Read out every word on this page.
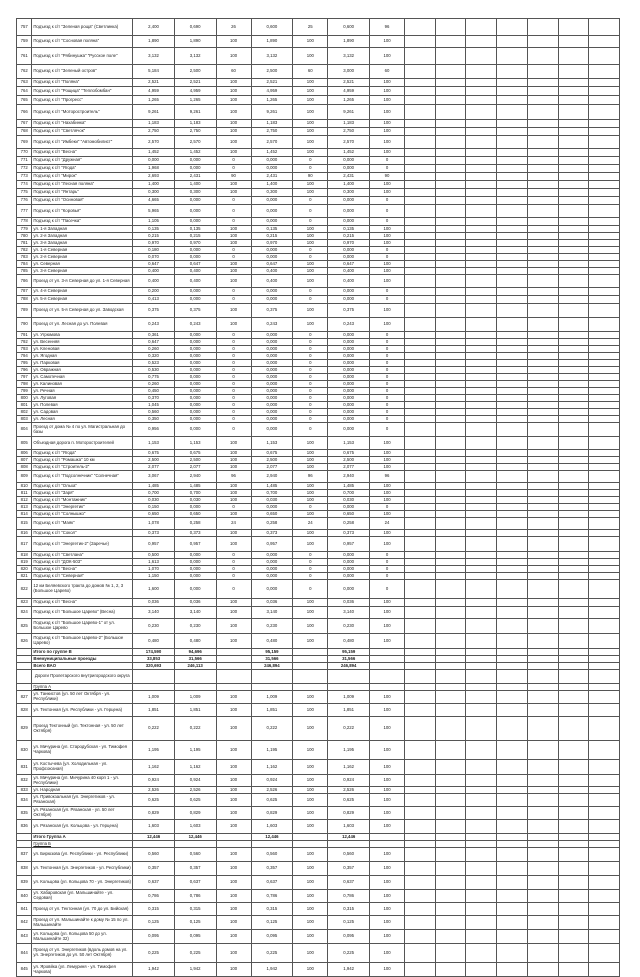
757	Подъезд к с/т "Зеленая роща" (Светлинка)	2,400	0,690	26	0,600	25	0,600	96							
759	Подъезд к с/т "Сосновая поляна"	1,890	1,890	100	1,890	100	1,890	100							
761	Подъезд к с/т "Рябинушка" "Русское поле"	3,132	3,132	100	3,132	100	3,132	100							
762	Подъезд к с/т "Зеленый остров"	5,184	2,500	60	2,500	60	3,000	60							
763	Подъезд к с/т "Поляна"	2,521	2,521	100	2,521	100	2,521	100							
764	Подъезд к с/т "Рощица" "Теплобомбан"	4,959	4,959	100	4,959	100	4,959	100							
765	Подъезд к с/т "Прогресс"	1,265	1,265	100	1,265	100	1,265	100							
766	Подъезд к с/т "Моторостроитель"	9,261	9,261	100	9,261	100	9,261	100							
767	Подъезд к с/т "Нахабинка"	1,183	1,183	100	1,183	100	1,183	100							
768	Подъезд к с/т "Светлячок"	2,750	2,750	100	2,750	100	2,750	100							
769	Подъезд к с/т "Имбеки" "Автомобилист"	2,570	2,570	100	2,570	100	2,570	100							
770	Подъезд к с/т "Весна"	1,452	1,452	100	1,452	100	1,452	100							
771	Подъезд к с/т "Дружная"	0,000	0,000	0	0,000	0	0,000	0							
772	Подъезд к с/т "Ягода"	1,968	0,000	0	0,000	0	0,000	0							
773	Подъезд к с/т "Мирок"	2,693	2,431	90	2,431	90	2,431	90							
774	Подъезд к с/т "Лесная поляна"	1,400	1,400	100	1,400	100	1,400	100							
775	Подъезд к с/т "Янтарь"	0,300	0,300	100	0,300	100	0,300	100							
776	Подъезд к с/т "Осиновая"	4,665	0,000	0	0,000	0	0,000	0							
777	Подъезд к с/т "Коровья"	5,965	0,000	0	0,000	0	0,000	0							
778	Подъезд к с/т "Пасечка"	1,105	0,000	0	0,000	0	0,000	0							
779	ул. 1-я Западная	0,135	0,135	100	0,135	100	0,135	100							
780	ул. 2-я Западная	0,215	0,215	100	0,215	100	0,215	100							
781	ул. 3-я Западная	0,970	0,970	100	0,970	100	0,970	100							
782	ул. 1-я Северная	0,180	0,000	0	0,000	0	0,000	0							
783	ул. 2-я Северная	0,070	0,000	0	0,000	0	0,000	0							
784	ул. Северная	0,647	0,647	100	0,647	100	0,647	100							
785	ул. 3-я Северная	0,400	0,400	100	0,400	100	0,400	100							
786	Проезд от ул. 3-я Северная до ул. 1-я Северная	0,400	0,400	100	0,400	100	0,400	100							
787	ул. 4-я Северная	0,200	0,000	0	0,000	0	0,000	0							
788	ул. 5-я Северная	0,413	0,000	0	0,000	0	0,000	0							
789	Проезд от ул. 5-я Северная до ул. Заводская	0,375	0,375	100	0,375	100	0,375	100							
790	Проезд от ул. Лесная до ул. Полевая	0,243	0,243	100	0,243	100	0,243	100							
791	ул. Угрюмова	0,361	0,000	0	0,000	0	0,000	0							
792	ул. Весенняя	0,647	0,000	0	0,000	0	0,000	0							
793	ул. Кленовая	0,260	0,000	0	0,000	0	0,000	0							
794	ул. Ягодная	0,320	0,000	0	0,000	0	0,000	0							
795	ул. Парковая	0,523	0,000	0	0,000	0	0,000	0							
796	ул. Овражная	0,530	0,000	0	0,000	0	0,000	0							
797	ул. Самотечная	0,775	0,000	0	0,000	0	0,000	0							
798	ул. Калиновая	0,260	0,000	0	0,000	0	0,000	0							
799	ул. Речная	0,450	0,000	0	0,000	0	0,000	0							
800	ул. Луговая	0,370	0,000	0	0,000	0	0,000	0							
801	ул. Полевая	1,045	0,000	0	0,000	0	0,000	0							
802	ул. Садовая	0,560	0,000	0	0,000	0	0,000	0							
803	ул. Лесная	0,350	0,000	0	0,000	0	0,000	0							
804	Проезд от дома № 4 по ул. Магистральная до базы	0,956	0,000	0	0,000	0	0,000	0							
805	Объездная дорога п. Моторостроителей	1,153	1,153	100	1,153	100	1,153	100							
806	Подъезд к с/т "Ягода"	0,675	0,675	100	0,675	100	0,675	100							
807	Подъезд к с/т "Ромашка" 10 км	2,500	2,500	100	2,500	100	2,500	100							
808	Подъезд к с/т "Строитель-2"	2,077	2,077	100	2,077	100	2,077	100							
809	Подъезд к с/т "Подсолнечник" "Солнечная"	3,067	2,940	96	2,940	96	2,940	96							
810	Подъезд к с/т "Ольха"	1,485	1,485	100	1,485	100	1,485	100							
811	Подъезд к с/т "Заря"	0,700	0,700	100	0,700	100	0,700	100							
812	Подъезд к с/т "Монтажник"	0,030	0,030	100	0,030	100	0,030	100							
813	Подъезд к с/т "Энергетик"	0,150	0,000	0	0,000	0	0,000	0							
814	Подъезд к с/т "Солнышко"	0,650	0,650	100	0,650	100	0,650	100							
815	Подъезд к с/т "Маяк"	1,078	0,258	24	0,258	24	0,258	24							
816	Подъезд к с/т "Сокол"	0,373	0,373	100	0,373	100	0,373	100							
817	Подъезд к с/т "Энергетик-2" (Заречье)	0,957	0,957	100	0,957	100	0,957	100							
818	Подъезд к с/т "Светлана"	0,500	0,000	0	0,000	0	0,000	0							
819	Подъезд к с/т "ДОК-503"	1,613	0,000	0	0,000	0	0,000	0							
820	Подъезд к с/т "Весна"	1,070	0,000	0	0,000	0	0,000	0							
821	Подъезд к с/т "Северная"	1,150	0,000	0	0,000	0	0,000	0							
822	12 км Беляевского тракта до домов № 1, 2, 3 (Большое Царево)	1,600	0,000	0	0,000	0	0,000	0							
823	Подъезд к с/т "Весна"	0,036	0,036	100	0,036	100	0,036	100							
824	Подъезд к с/т "Большое Царево" (Весна)	3,140	3,140	100	3,140	100	3,140	100							
825	Подъезд к с/т "Большое Царево-1" от ул. Большое Царево	0,230	0,230	100	0,230	100	0,230	100							
826	Подъезд к с/т "Большое Царево-2" (Большое Царево)	0,480	0,480	100	0,480	100	0,480	100							
	Итого по группе В	174,590	94,696		95,159		95,159								
	Внемуниципальные проезды	33,853	31,566		31,566		31,566								
	Всего ВАО	320,693	246,113		246,894		246,894								
	Дороги Пролетарского внутригородского округа														
	Группа А														
827	ул. Танкистов (ул. 50 лет Октября - ул. Республики)	1,009	1,009	100	1,009	100	1,009	100							
828	ул. Тектонная (ул. Республики - ул. Герцена)	1,851	1,851	100	1,851	100	1,851	100							
829	Проезд Тектонный (ул. Тектонная - ул. 50 лет Октября)	0,222	0,222	100	0,222	100	0,222	100							
830	ул. Мичурина (ул. Стародубская - ул. Тимофея Чаркова)	1,195	1,195	100	1,195	100	1,195	100							
831	ул. Костычева (ул. Холодильная - ул. Профсоюзная)	1,162	1,162	100	1,162	100	1,162	100							
832	ул. Мичурина (ул. Мичурина 40 корп 1 - ул. Республики)	0,924	0,924	100	0,924	100	0,924	100							
833	ул. Народная	2,526	2,526	100	2,526	100	2,526	100							
834	ул. Привокзальная (ул. Энергетиков - ул. Рязанская)	0,625	0,625	100	0,625	100	0,625	100							
835	ул. Рязанская (ул. Рязанская - ул. 50 лет Октября)	0,829	0,829	100	0,829	100	0,829	100							
836	ул. Рязанская (ул. Кольцова - ул. Герцена)	1,603	1,603	100	1,603	100	1,603	100							
	Итого Группа А	12,446	12,446		12,446		12,446								
	Группа Б														
837	ул. Бирюзова (ул. Республики - ул. Республики)	0,560	0,560	100	0,560	100	0,560	100							
838	ул. Тектонная (ул. Энергетиков - ул. Республики)	0,357	0,357	100	0,357	100	0,357	100							
839	ул. Кольцова (ул. Кольцова 70 - ул. Энергетиков)	0,637	0,637	100	0,637	100	0,637	100							
840	ул. Хабаровская (ул. Мальшинайте - ул. Седовая)	0,786	0,786	100	0,786	100	0,786	100							
841	Проезд от ул. Тектонная (ул. 70 до ул. Бийская)	0,315	0,315	100	0,315	100	0,315	100							
842	Проезд от ул. Мальшинайте к дому № 15 по ул. Мальшинайте	0,125	0,125	100	0,125	100	0,125	100							
843	ул. Кольцова (ул. Кольцова 50 до ул. Мальшинайте 32)	0,095	0,095	100	0,095	100	0,095	100							
844	Проезд от ул. Энергетиков (вдоль домов на ул. ул. Энергетиков до ул. 50 лет Октября)	0,225	0,225	100	0,225	100	0,225	100							
845	ул. Яровйка (ул. Лемуриня - ул. Тимофея Чаркова)	1,942	1,942	100	1,942	100	1,942	100							
